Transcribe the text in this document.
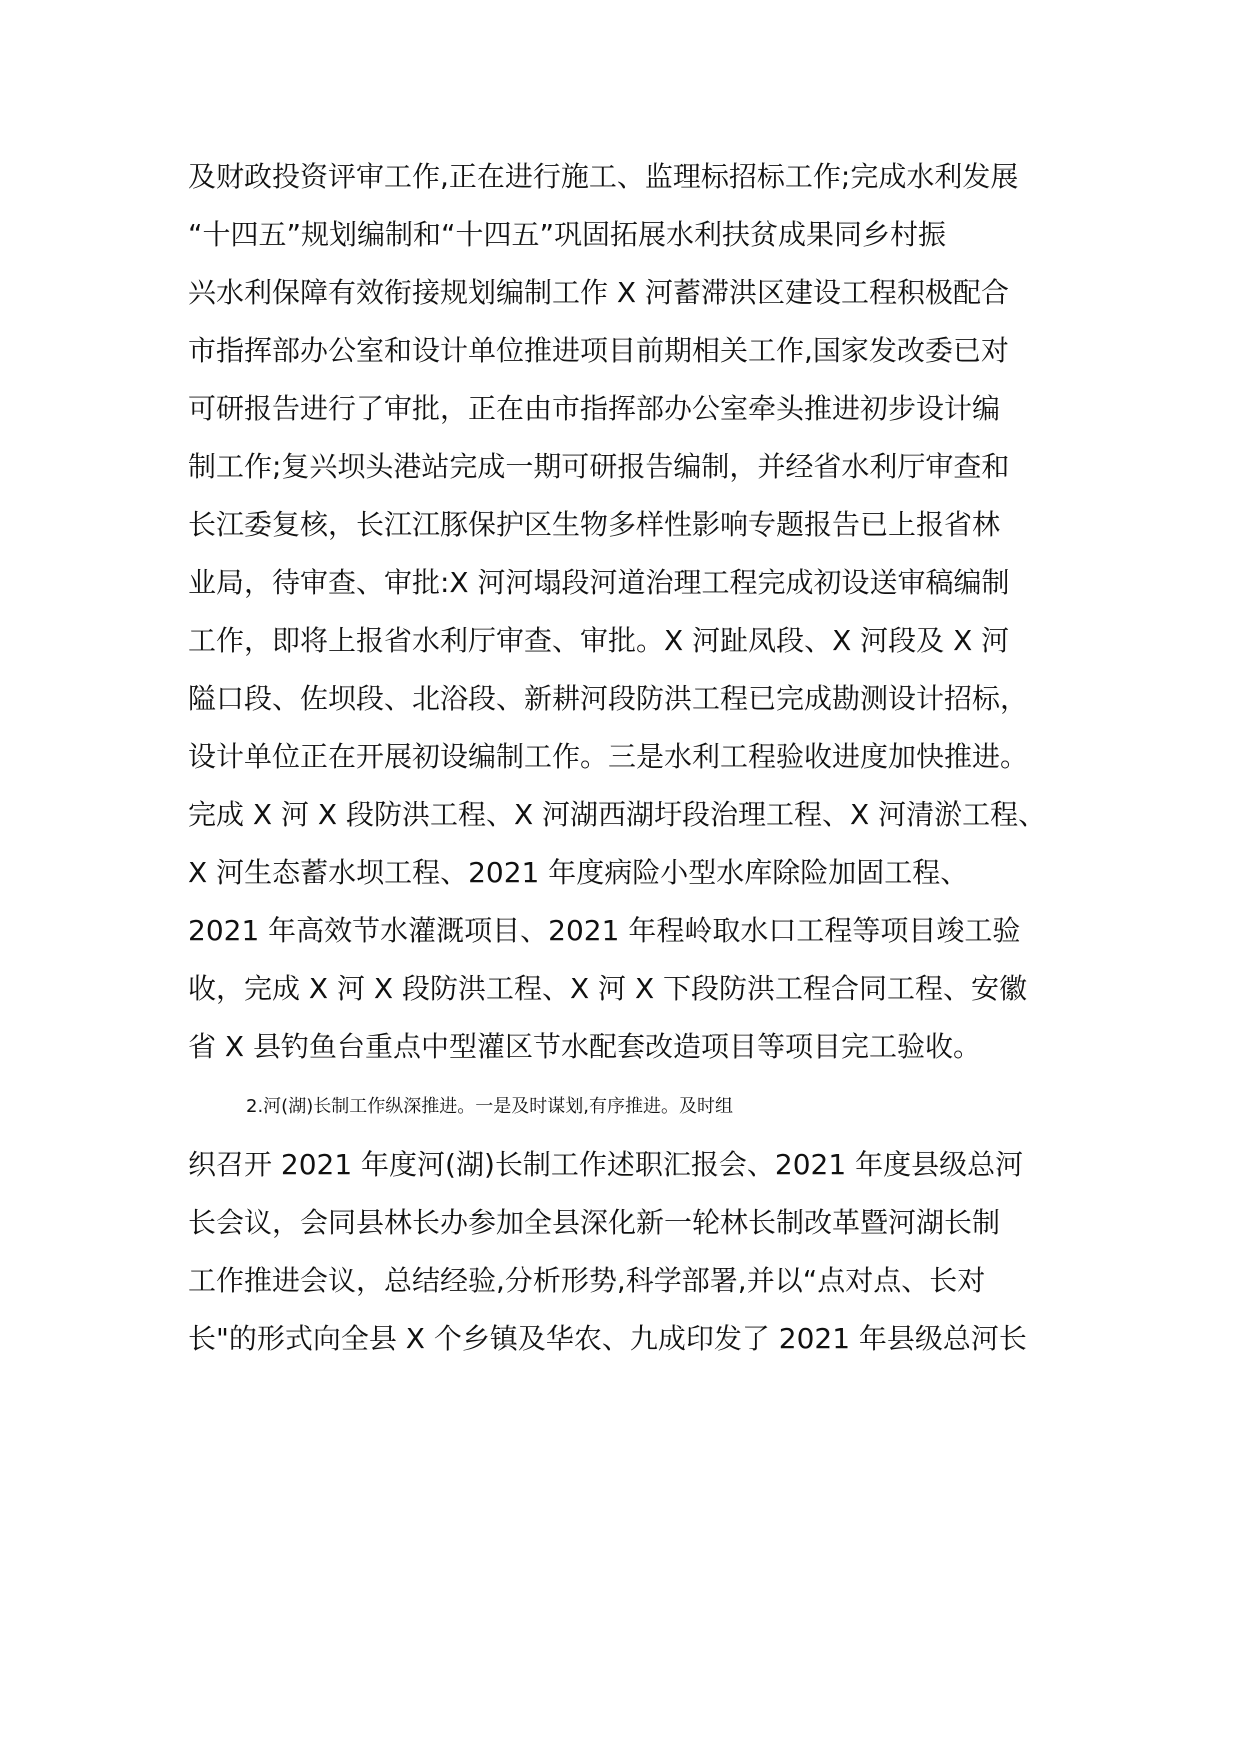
及财政投资评审工作,正在进行施工、监理标招标工作;完成水利发展
“十四五”规划编制和“十四五”巩固拓展水利扶贫成果同乡村振
兴水利保障有效衔接规划编制工作 X 河蓄滞洪区建设工程积极配合
市指挥部办公室和设计单位推进项目前期相关工作,国家发改委已对
可研报告进行了审批，正在由市指挥部办公室牵头推进初步设计编
制工作;复兴坝头港站完成一期可研报告编制，并经省水利厅审查和
长江委复核，长江江豚保护区生物多样性影响专题报告已上报省林
业局，待审查、审批:X 河河塌段河道治理工程完成初设送审稿编制
工作，即将上报省水利厅审查、审批。X 河趾凤段、X 河段及 X 河
隘口段、佐坝段、北浴段、新耕河段防洪工程已完成勘测设计招标，
设计单位正在开展初设编制工作。三是水利工程验收进度加快推进。
完成 X 河 X 段防洪工程、X 河湖西湖圩段治理工程、X 河清淤工程、
X 河生态蓄水坝工程、2021 年度病险小型水库除险加固工程、
2021 年高效节水灌溉项目、2021 年程岭取水口工程等项目竣工验
收，完成 X 河 X 段防洪工程、X 河 X 下段防洪工程合同工程、安徽
省 X 县钓鱼台重点中型灌区节水配套改造项目等项目完工验收。
2.河(湖)长制工作纵深推进。一是及时谋划,有序推进。及时组
织召开 2021 年度河(湖)长制工作述职汇报会、2021 年度县级总河
长会议，会同县林长办参加全县深化新一轮林长制改革暨河湖长制
工作推进会议，总结经验,分析形势,科学部署,并以“点对点、长对
长"的形式向全县 X 个乡镇及华农、九成印发了 2021 年县级总河长
